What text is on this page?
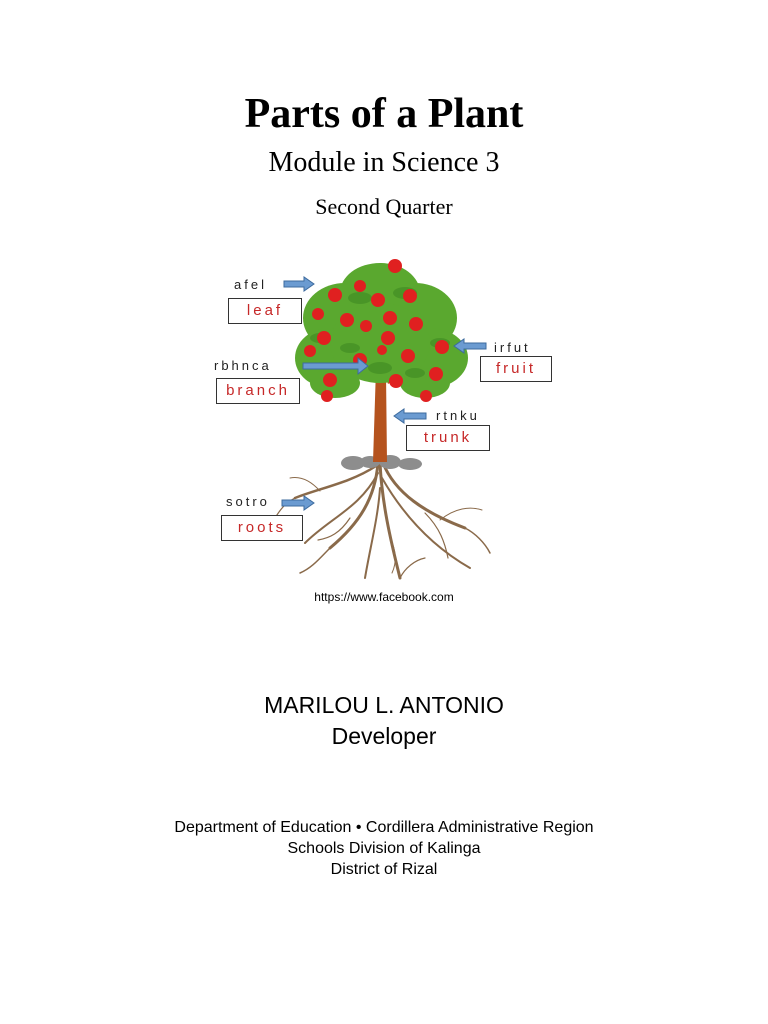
Parts of a Plant
Module in Science 3
Second Quarter
afel
leaf
rbhnca
branch
irfut
fruit
rtnku
trunk
sotro
roots
https://www.facebook.com
MARILOU L. ANTONIO
Developer
Department of Education • Cordillera Administrative Region
Schools Division of Kalinga
District of Rizal
